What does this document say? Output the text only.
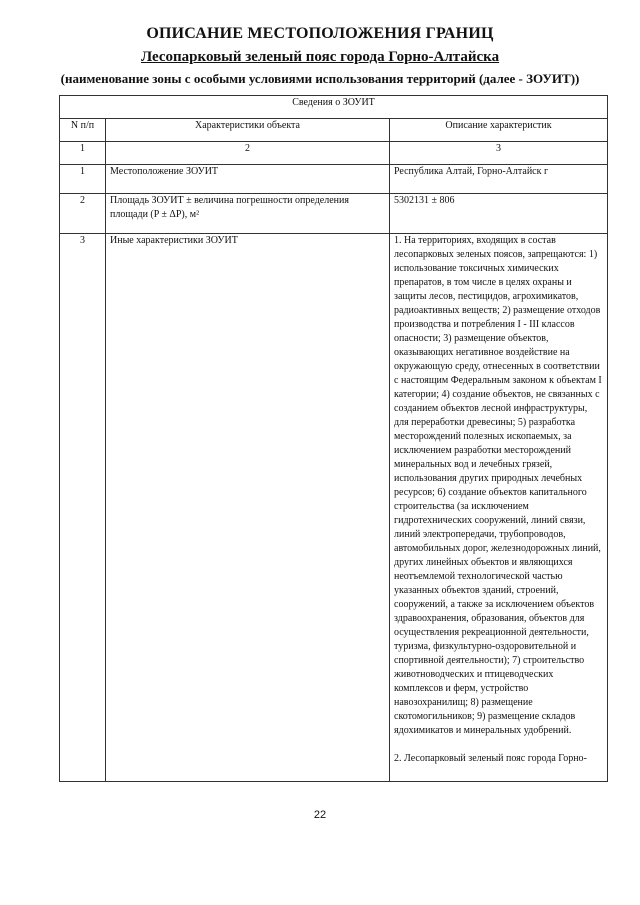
ОПИСАНИЕ МЕСТОПОЛОЖЕНИЯ ГРАНИЦ
Лесопарковый зеленый пояс города Горно-Алтайска
(наименование зоны с особыми условиями использования территорий (далее - ЗОУИТ))
Сведения о ЗОУИТ		
N п/п	Характеристики объекта	Описание характеристик
1	2	3
1	Местоположение ЗОУИТ	Республика Алтай, Горно-Алтайск г
2	Площадь ЗОУИТ ± величина погрешности определения площади (P ± ΔP), м²	5302131 ± 806
3	Иные характеристики ЗОУИТ	1. На территориях, входящих в состав лесопарковых зеленых поясов, запрещаются: 1) использование токсичных химических препаратов, в том числе в целях охраны и защиты лесов, пестицидов, агрохимикатов, радиоактивных веществ; 2) размещение отходов производства и потребления I - III классов опасности; 3) размещение объектов, оказывающих негативное воздействие на окружающую среду, отнесенных в соответствии с настоящим Федеральным законом к объектам I категории; 4) создание объектов, не связанных с созданием объектов лесной инфраструктуры, для переработки древесины; 5) разработка месторождений полезных ископаемых, за исключением разработки месторождений минеральных вод и лечебных грязей, использования других природных лечебных ресурсов; 6) создание объектов капитального строительства (за исключением гидротехнических сооружений, линий связи, линий электропередачи, трубопроводов, автомобильных дорог, железнодорожных линий, других линейных объектов и являющихся неотъемлемой технологической частью указанных объектов зданий, строений, сооружений, а также за исключением объектов здравоохранения, образования, объектов для осуществления рекреационной деятельности, туризма, физкультурно-оздоровительной и спортивной деятельности); 7) строительство животноводческих и птицеводческих комплексов и ферм, устройство навозохранилищ; 8) размещение скотомогильников; 9) размещение складов ядохимикатов и минеральных удобрений.

2. Лесопарковый зеленый пояс города Горно-

22
